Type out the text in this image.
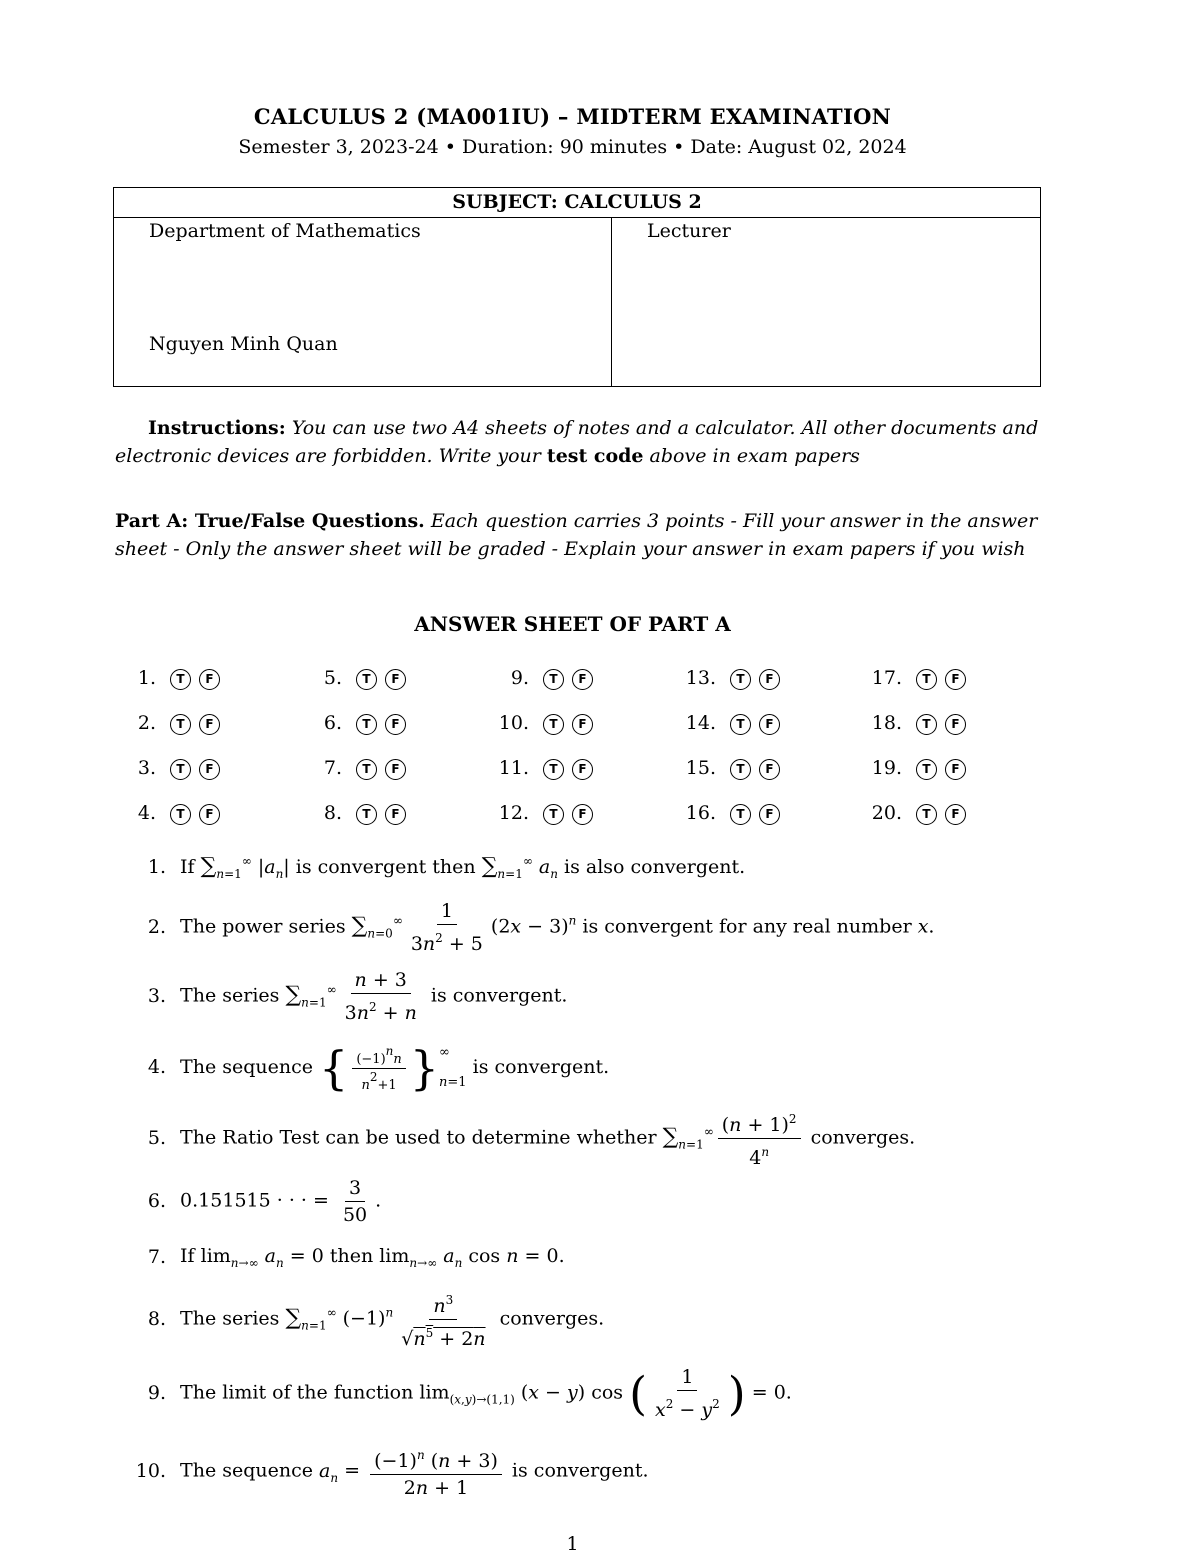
CALCULUS 2 (MA001IU) – MIDTERM EXAMINATION
Semester 3, 2023-24 • Duration: 90 minutes • Date: August 02, 2024
SUBJECT: CALCULUS 2
Department of Mathematics
Nguyen Minh Quan
Lecturer
Instructions: You can use two A4 sheets of notes and a calculator. All other documents and electronic devices are forbidden. Write your test code above in exam papers
Part A: True/False Questions. Each question carries 3 points - Fill your answer in the answer sheet - Only the answer sheet will be graded - Explain your answer in exam papers if you wish
ANSWER SHEET OF PART A
1. T F
2. T F
3. T F
4. T F
5. T F
6. T F
7. T F
8. T F
9. T F
10. T F
11. T F
12. T F
13. T F
14. T F
15. T F
16. T F
17. T F
18. T F
19. T F
20. T F
1. If $\sum_{n=1}^\infty$ $|a_n|$ is convergent then $\sum_{n=1}^\infty$ $a_n$ is also convergent.
2. The power series $\sum_{n=0}^\infty \frac{1}{3n^2 + 5} (2x - 3)^n$ is convergent for any real number x.
3. The series $\sum_{n=1}^\infty \frac{n + 3}{3n^2 + n}$ is convergent.
4. The sequence { $\frac{(-1)nn}{n2+1}$ } ∞
n=1
is convergent.
5. The Ratio Test can be used to determine whether $\sum_{n=1}^\infty \frac{(n + 1)^2}{4^n}$ converges.
6. 0.151515 · · · = $\frac{3}{50}$ .
7. If $\lim_{n\to\infty} a_n = 0$ then $\lim_{n\to\infty} a_n$ cos n = 0.
8. The series $\sum_{n=1}^\infty$ $(-1)^n \frac{n^3}{√n^5 + 2n}$ converges.
9. The limit of the function $\lim_{(x,y)\to(1,1)} (x - y)$ cos ( $\frac{1}{x^2 - y^2}$ ) = 0.
10. The sequence $a_n = \frac{(-1)^n (n + 3)}{2n + 1}$ is convergent.
1
